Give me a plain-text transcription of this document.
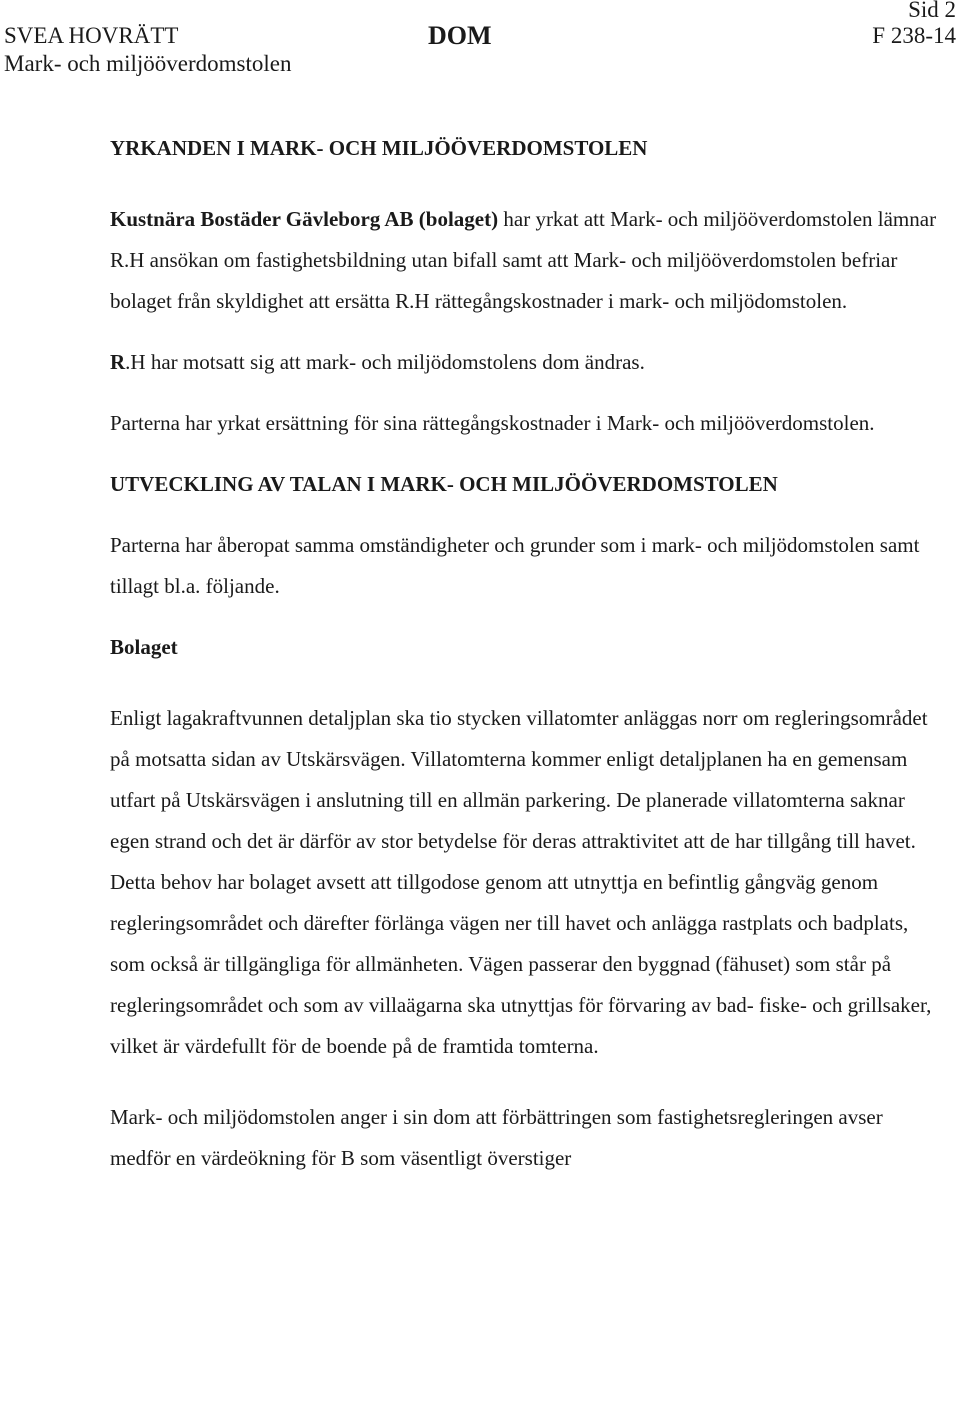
SVEA HOVRÄTT
Mark- och miljööverdomstolen
DOM
Sid 2
F 238-14

YRKANDEN I MARK- OCH MILJÖÖVERDOMSTOLEN

Kustnära Bostäder Gävleborg AB (bolaget) har yrkat att Mark- och miljööverdomstolen lämnar R.H ansökan om fastighetsbildning utan bifall samt att Mark- och miljööverdomstolen befriar bolaget från skyldighet att ersätta R.H rättegångskostnader i mark- och miljödomstolen.

R.H har motsatt sig att mark- och miljödomstolens dom ändras.

Parterna har yrkat ersättning för sina rättegångskostnader i Mark- och miljööverdomstolen.

UTVECKLING AV TALAN I MARK- OCH MILJÖÖVERDOMSTOLEN

Parterna har åberopat samma omständigheter och grunder som i mark- och miljödomstolen samt tillagt bl.a. följande.

Bolaget

Enligt lagakraftvunnen detaljplan ska tio stycken villatomter anläggas norr om regleringsområdet på motsatta sidan av Utskärsvägen. Villatomterna kommer enligt detaljplanen ha en gemensam utfart på Utskärsvägen i anslutning till en allmän parkering. De planerade villatomterna saknar egen strand och det är därför av stor betydelse för deras attraktivitet att de har tillgång till havet. Detta behov har bolaget avsett att tillgodose genom att utnyttja en befintlig gångväg genom regleringsområdet och därefter förlänga vägen ner till havet och anlägga rastplats och badplats, som också är tillgängliga för allmänheten. Vägen passerar den byggnad (fähuset) som står på regleringsområdet och som av villaägarna ska utnyttjas för förvaring av bad- fiske- och grillsaker, vilket är värdefullt för de boende på de framtida tomterna.

Mark- och miljödomstolen anger i sin dom att förbättringen som fastighetsregleringen avser medför en värdeökning för B som väsentligt överstiger
